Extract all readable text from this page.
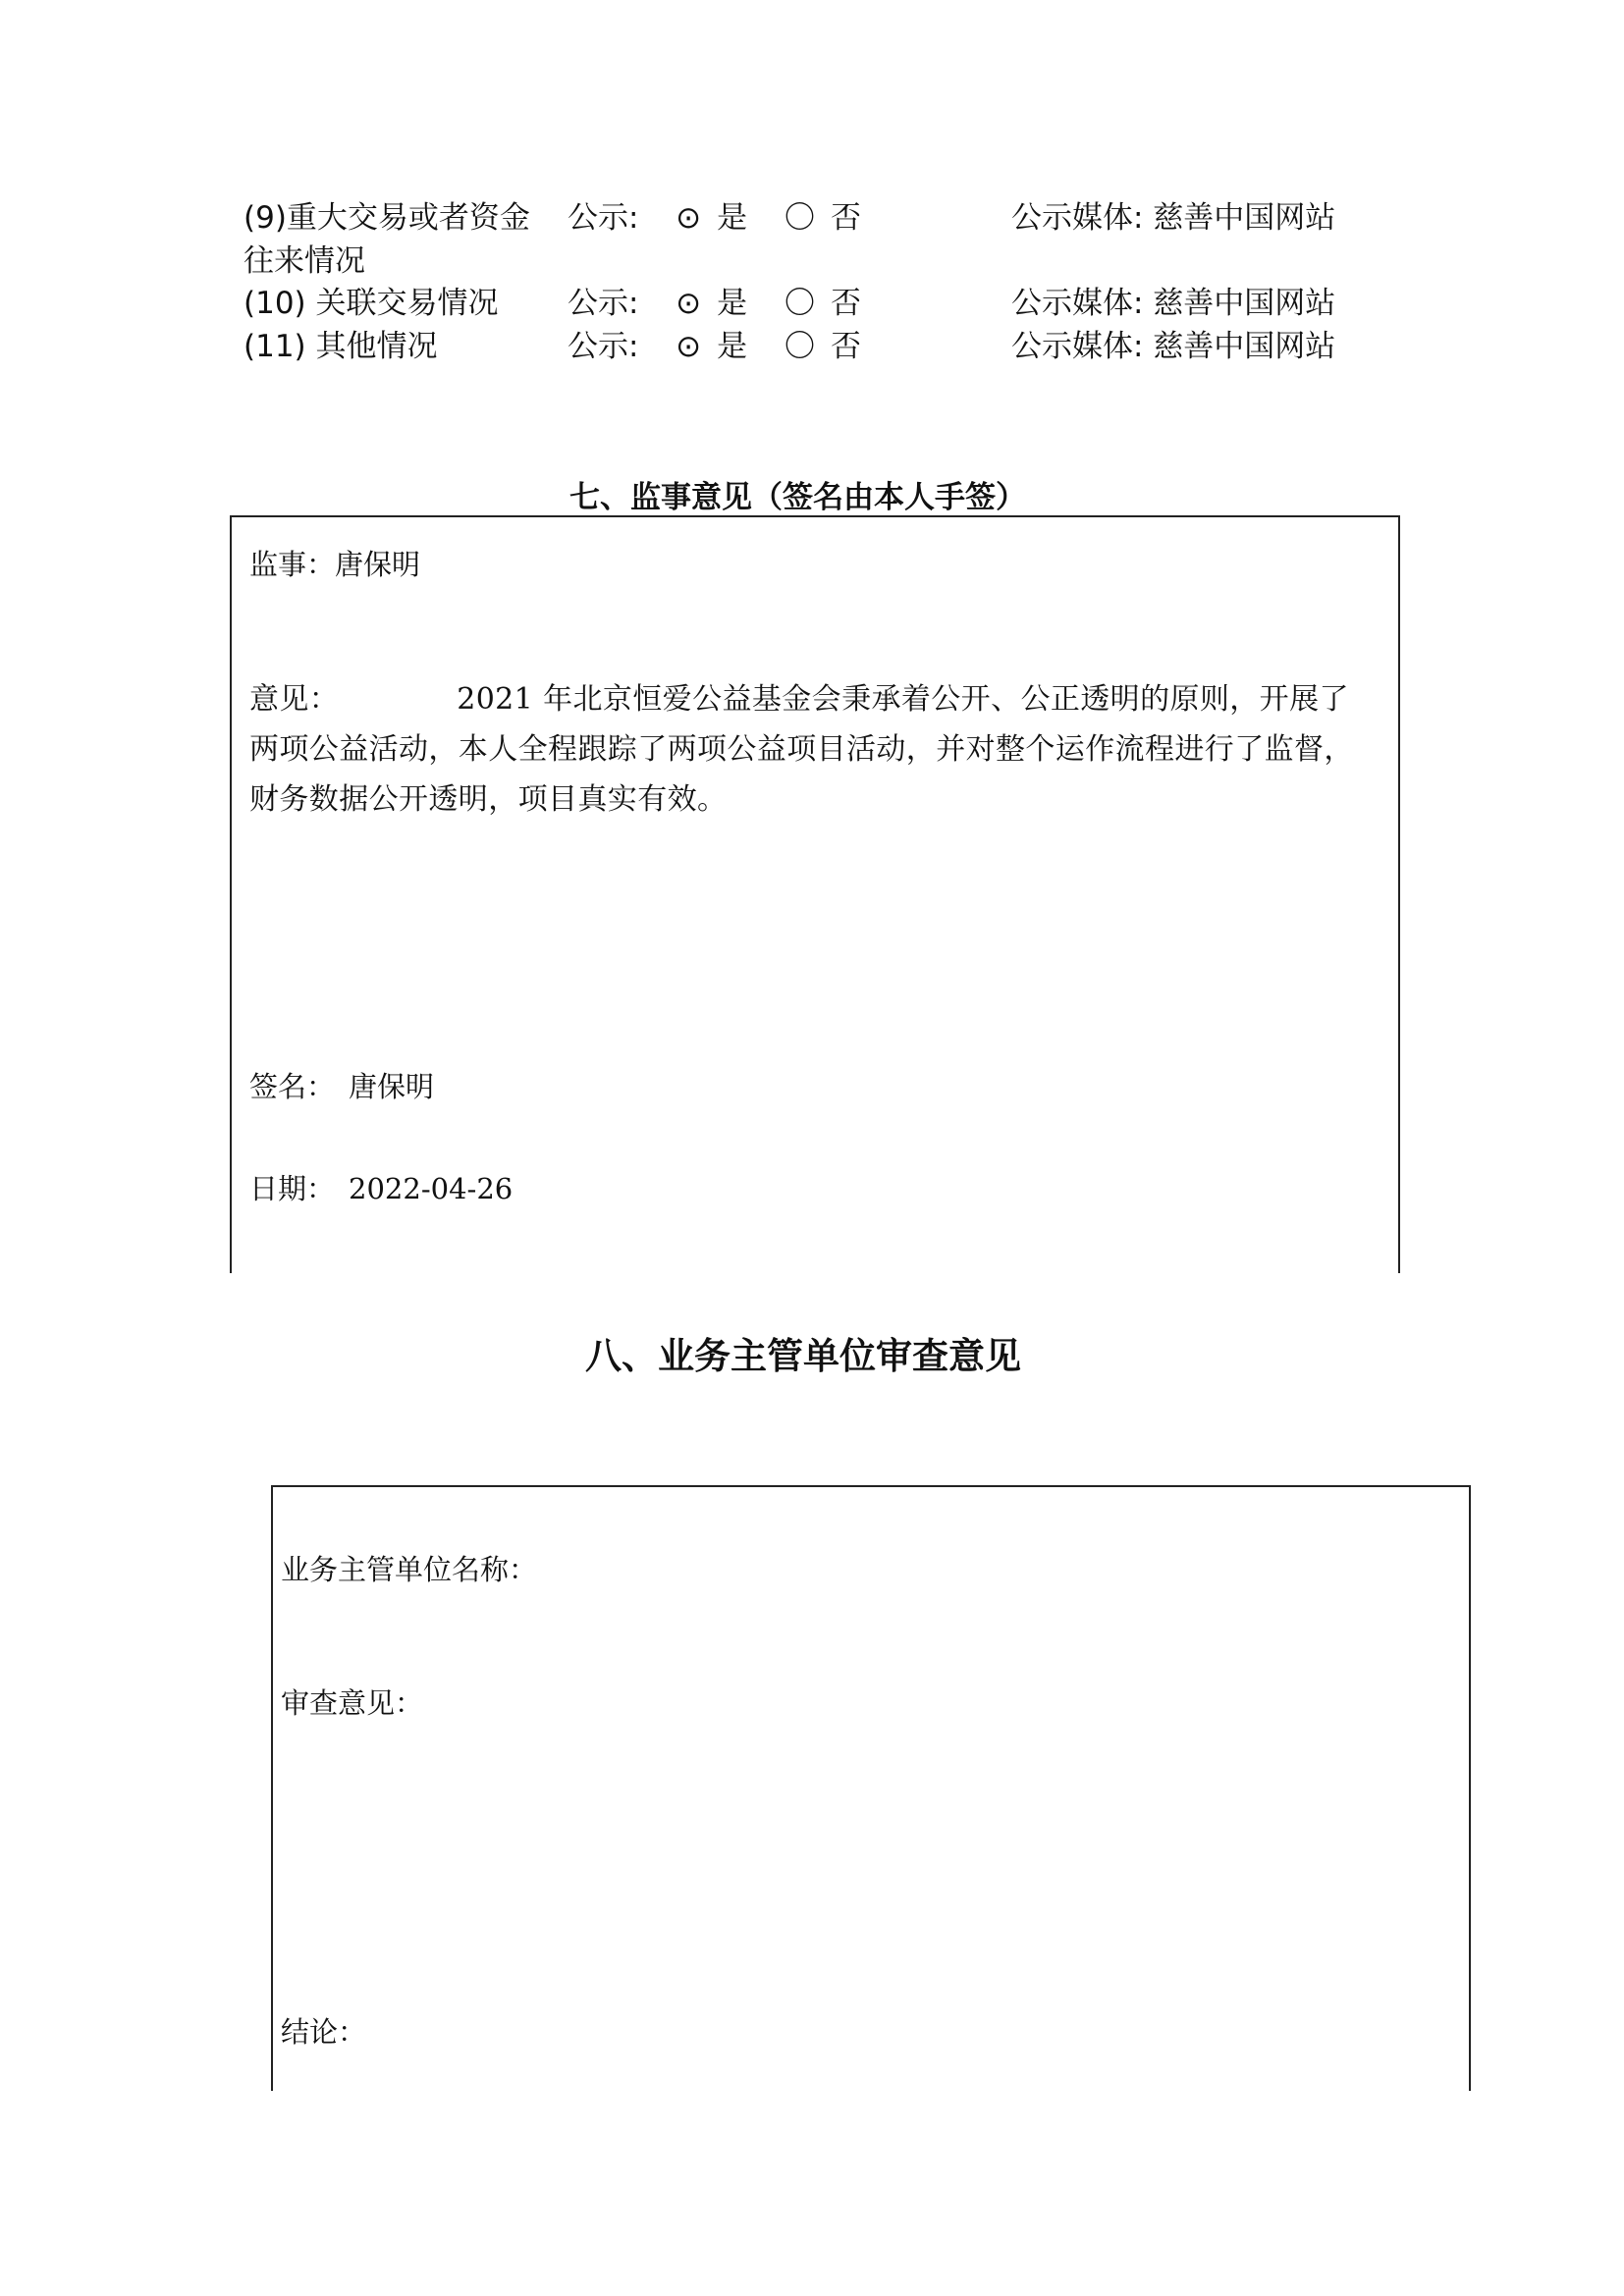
(9)重大交易或者资金
往来情况
公示: ⊙ 是 〇 否	公示媒体: 慈善中国网站
(10) 关联交易情况 公示: ⊙ 是 〇 否	公示媒体: 慈善中国网站
(11) 其他情况	公示: ⊙ 是 〇 否	公示媒体: 慈善中国网站
七、监事意见（签名由本人手签）
监事：唐保明
意见：	2021 年北京恒爱公益基金会秉承着公开、公正透明的原则，开展了两项公益活动，本人全程跟踪了两项公益项目活动，并对整个运作流程进行了监督，财务数据公开透明，项目真实有效。
签名： 唐保明
日期： 2022-04-26
八、业务主管单位审查意见
业务主管单位名称：
审查意见：
结论：
